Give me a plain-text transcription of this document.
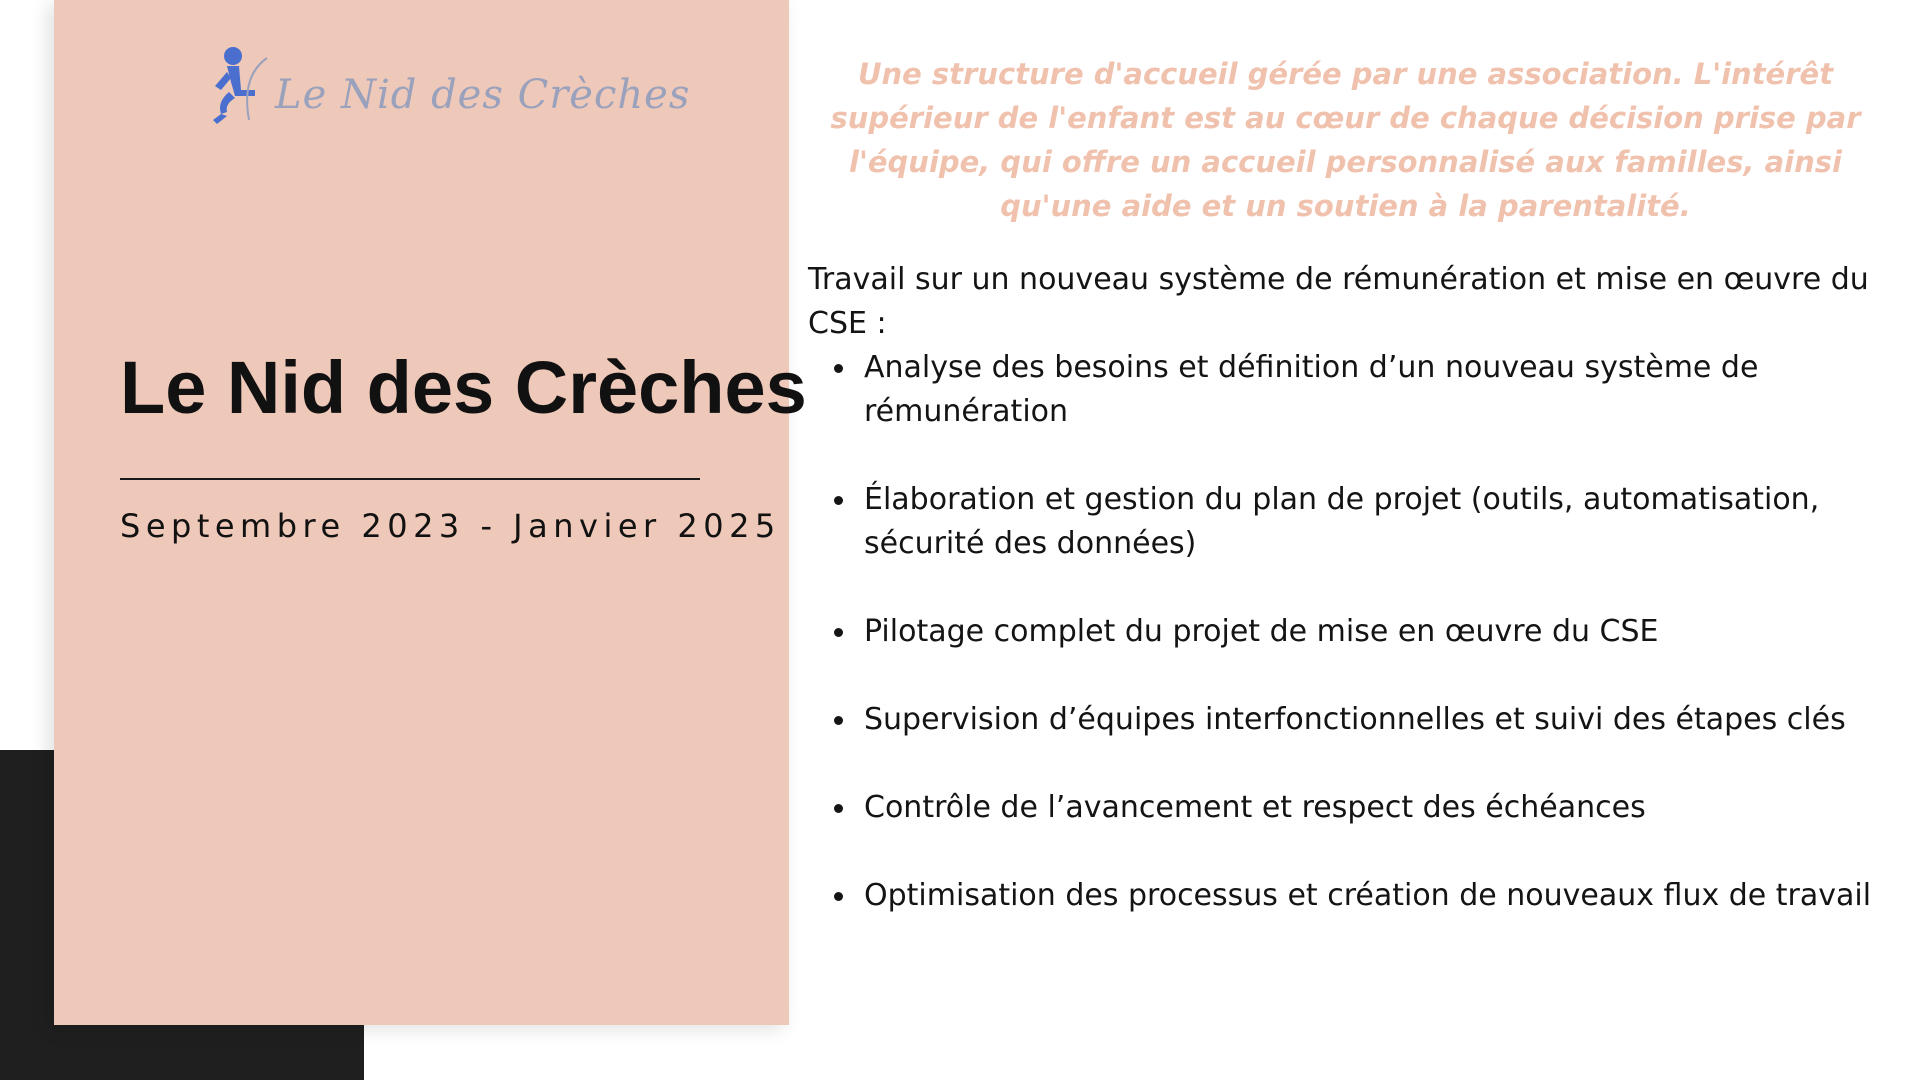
Le Nid des Crèches
Le Nid des Crèches
Septembre 2023 - Janvier 2025

Une structure d'accueil gérée par une association. L'intérêt supérieur de l'enfant est au cœur de chaque décision prise par l'équipe, qui offre un accueil personnalisé aux familles, ainsi qu'une aide et un soutien à la parentalité.

Travail sur un nouveau système de rémunération et mise en œuvre du CSE :

Analyse des besoins et définition d’un nouveau système de rémunération
Élaboration et gestion du plan de projet (outils, automatisation, sécurité des données)
Pilotage complet du projet de mise en œuvre du CSE
Supervision d’équipes interfonctionnelles et suivi des étapes clés
Contrôle de l’avancement et respect des échéances
Optimisation des processus et création de nouveaux flux de travail
